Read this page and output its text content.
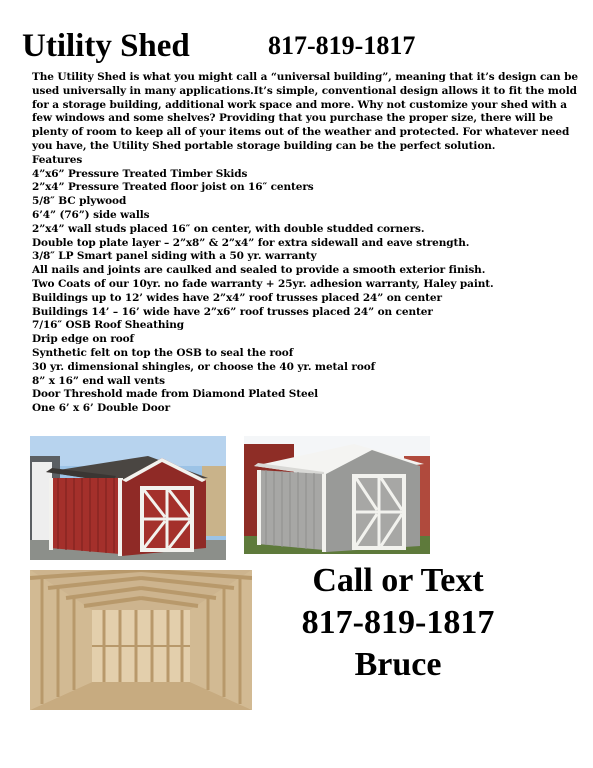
Utility Shed	817-819-1817

The Utility Shed is what you might call a “universal building”, meaning that it’s design can be used universally in many applications.It’s simple, conventional design allows it to fit the mold for a storage building, additional work space and more. Why not customize your shed with a few windows and some shelves? Providing that you purchase the proper size, there will be plenty of room to keep all of your items out of the weather and protected. For whatever need you have, the Utility Shed portable storage building can be the perfect solution.

Features

4”x6” Pressure Treated Timber Skids

2”x4” Pressure Treated floor joist on 16″ centers

5/8″ BC plywood

6’4” (76”) side walls

2”x4” wall studs placed 16″ on center, with double studded corners.

Double top plate layer – 2”x8” & 2”x4” for extra sidewall and eave strength.

3/8″ LP Smart panel siding with a 50 yr. warranty

All nails and joints are caulked and sealed to provide a smooth exterior finish.

Two Coats of our 10yr. no fade warranty + 25yr. adhesion warranty, Haley paint.

Buildings up to 12’ wides have 2”x4” roof trusses placed 24” on center

Buildings 14’ – 16’ wide have 2”x6” roof trusses placed 24” on center

7/16″ OSB Roof Sheathing

Drip edge on roof

Synthetic felt on top the OSB to seal the roof

30 yr. dimensional shingles, or choose the 40 yr. metal roof

8” x 16” end wall vents

Door Threshold made from Diamond Plated Steel

One 6’ x 6’ Double Door

Call or Text
817-819-1817
Bruce
